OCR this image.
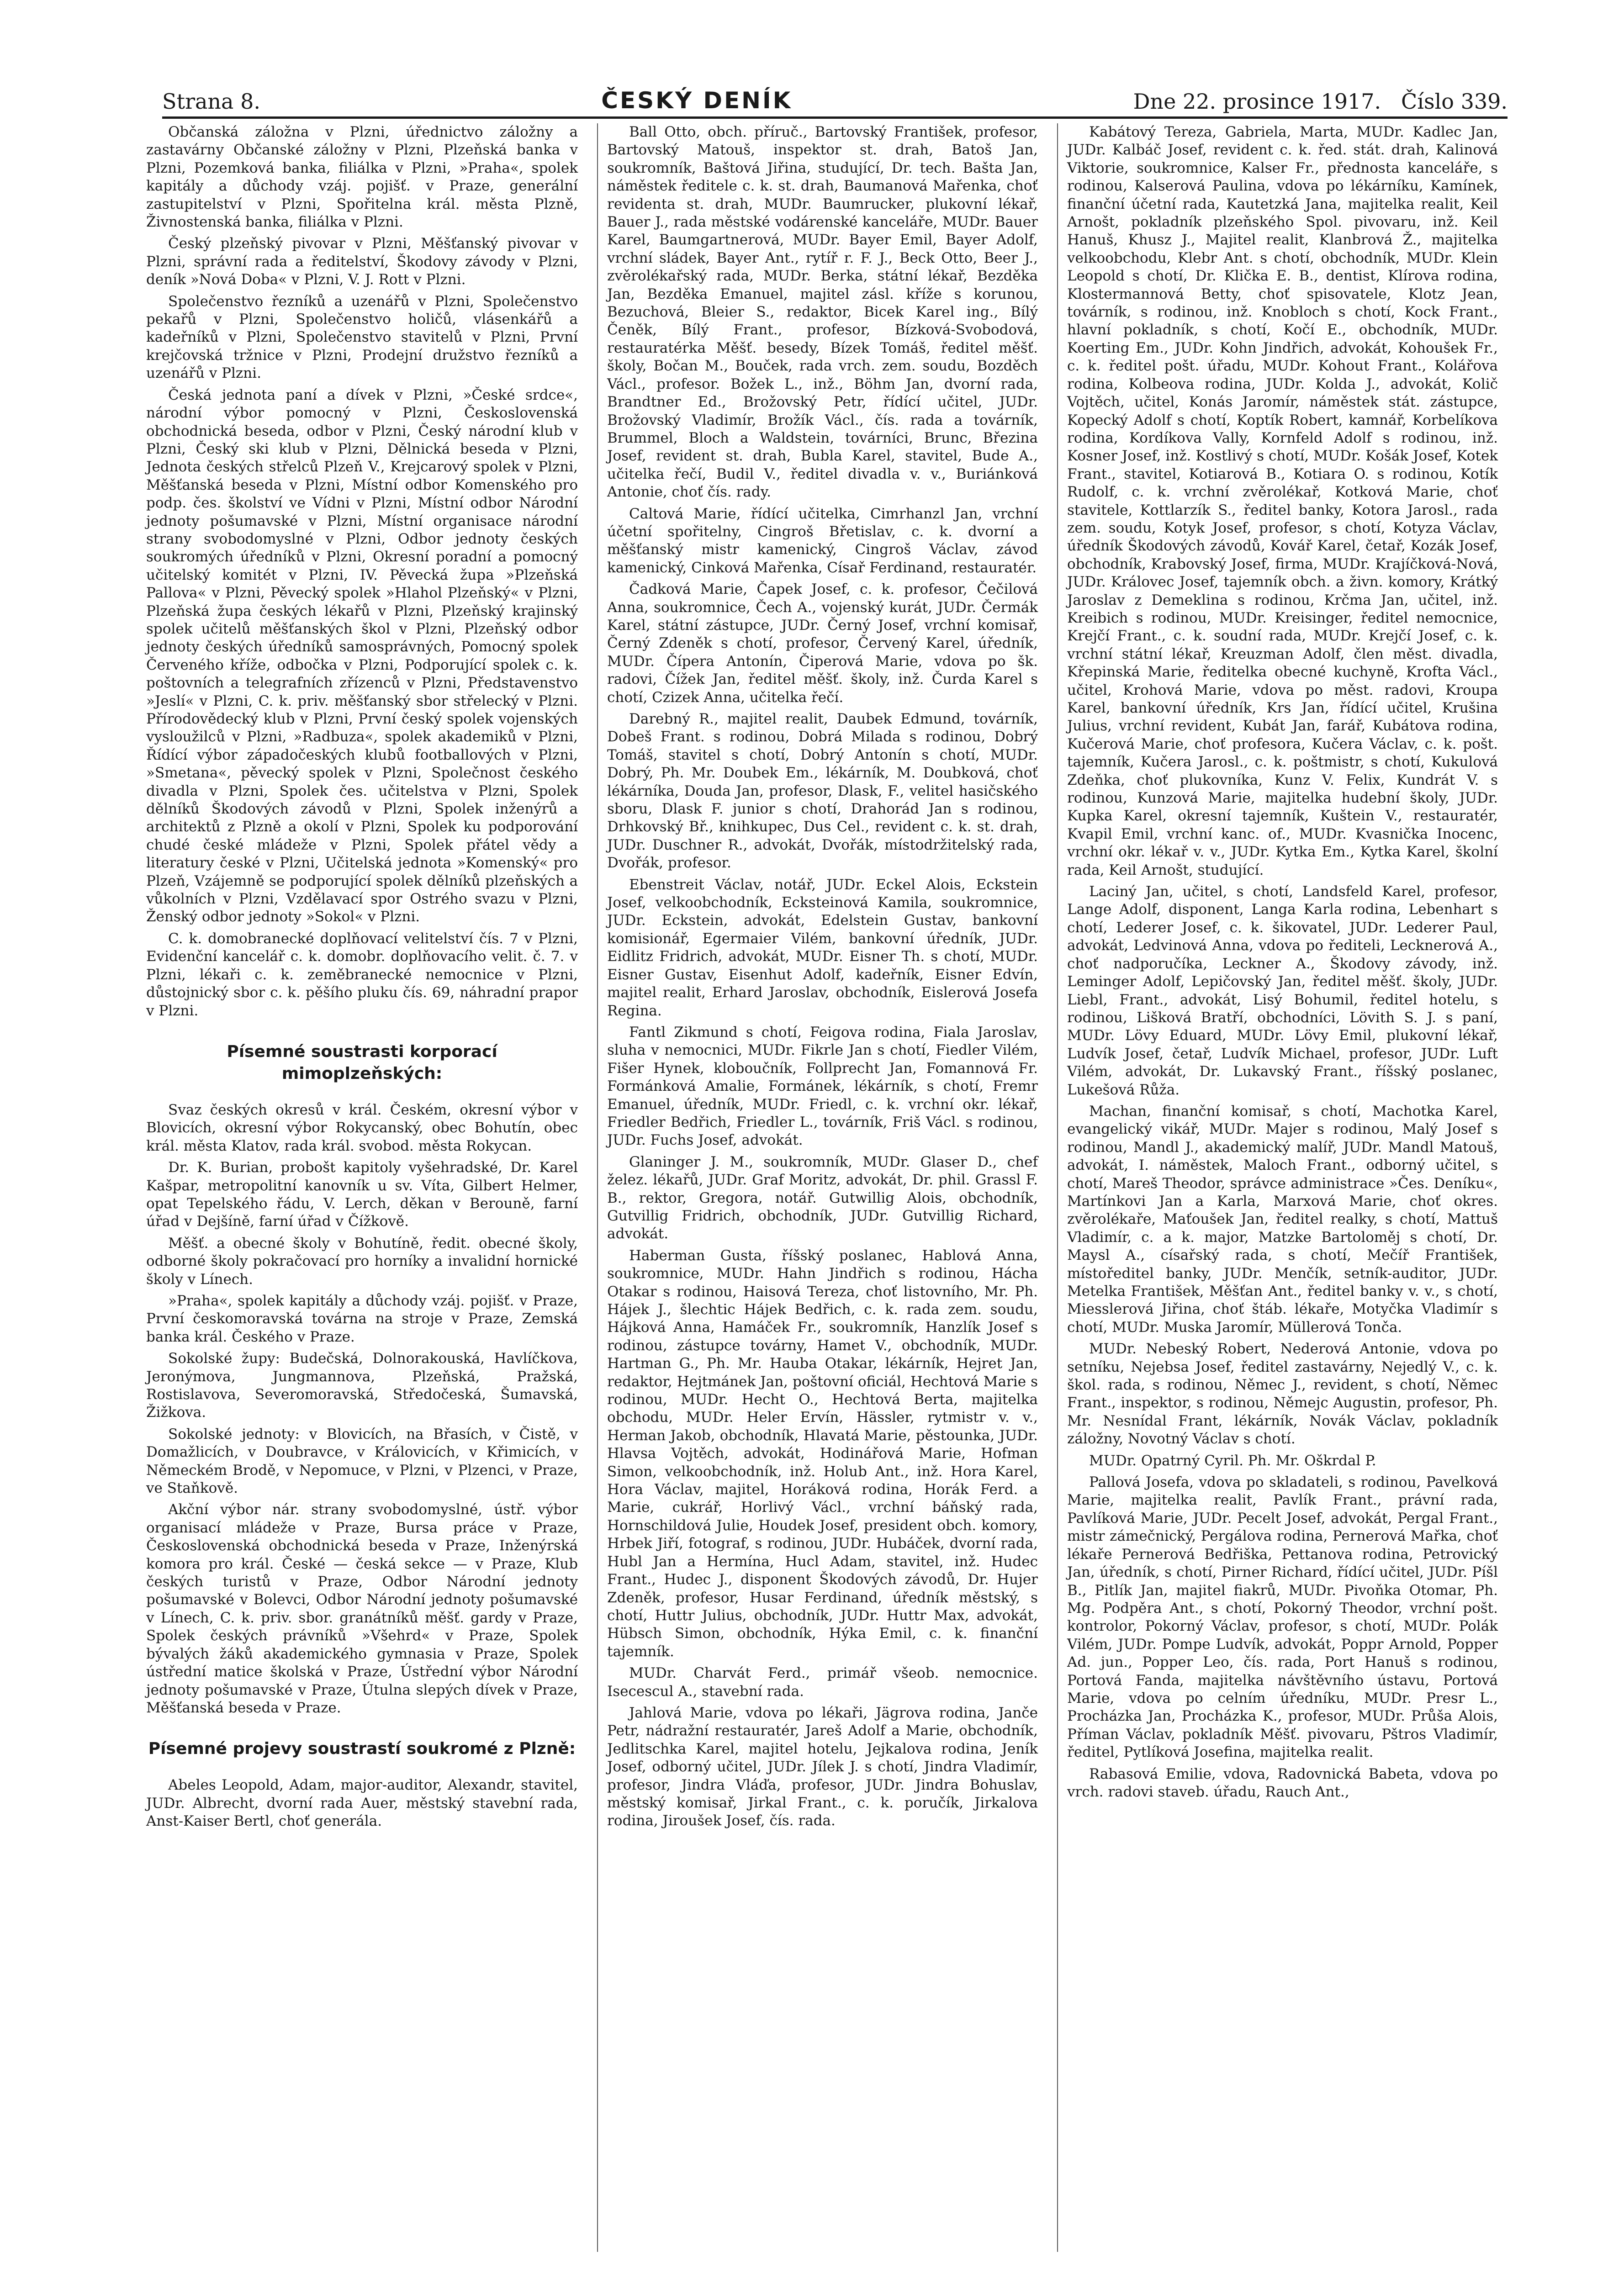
Strana 8.	ČESKÝ DENÍK	Dne 22. prosince 1917. Číslo 339.

Občanská záložna v Plzni, úřednictvo záložny a zastavárny Občanské záložny v Plzni, Plzeňská banka v Plzni, Pozemková banka, filiálka v Plzni, »Praha«, spolek kapitály a důchody vzáj. pojišť. v Praze, generální zastupitelství v Plzni, Spořitelna král. města Plzně, Živnostenská banka, filiálka v Plzni.

Český plzeňský pivovar v Plzni, Měšťanský pivovar v Plzni, správní rada a ředitelství, Škodovy závody v Plzni, deník »Nová Doba« v Plzni, V. J. Rott v Plzni.

Společenstvo řezníků a uzenářů v Plzni, Společenstvo pekařů v Plzni, Společenstvo holičů, vlásenkářů a kadeřníků v Plzni, Společenstvo stavitelů v Plzni, První krejčovská tržnice v Plzni, Prodejní družstvo řezníků a uzenářů v Plzni.

Česká jednota paní a dívek v Plzni, »České srdce«, národní výbor pomocný v Plzni, Československá obchodnická beseda, odbor v Plzni, Český národní klub v Plzni, Český ski klub v Plzni, Dělnická beseda v Plzni, Jednota českých střelců Plzeň V., Krejcarový spolek v Plzni, Měšťanská beseda v Plzni, Místní odbor Komenského pro podp. čes. školství ve Vídni v Plzni, Místní odbor Národní jednoty pošumavské v Plzni, Místní organisace národní strany svobodomyslné v Plzni, Odbor jednoty českých soukromých úředníků v Plzni, Okresní poradní a pomocný učitelský komitét v Plzni, IV. Pěvecká župa »Plzeňská Pallova« v Plzni, Pěvecký spolek »Hlahol Plzeňský« v Plzni, Plzeňská župa českých lékařů v Plzni, Plzeňský krajinský spolek učitelů měšťanských škol v Plzni, Plzeňský odbor jednoty českých úředníků samosprávných, Pomocný spolek Červeného kříže, odbočka v Plzni, Podporující spolek c. k. poštovních a telegrafních zřízenců v Plzni, Představenstvo »Jeslí« v Plzni, C. k. priv. měšťanský sbor střelecký v Plzni. Přírodovědecký klub v Plzni, První český spolek vojenských vysloužilců v Plzni, »Radbuza«, spolek akademiků v Plzni, Řídící výbor západočeských klubů footballových v Plzni, »Smetana«, pěvecký spolek v Plzni, Společnost českého divadla v Plzni, Spolek čes. učitelstva v Plzni, Spolek dělníků Škodových závodů v Plzni, Spolek inženýrů a architektů z Plzně a okolí v Plzni, Spolek ku podporování chudé české mládeže v Plzni, Spolek přátel vědy a literatury české v Plzni, Učitelská jednota »Komenský« pro Plzeň, Vzájemně se podporující spolek dělníků plzeňských a vůkolních v Plzni, Vzdělavací spor Ostrého svazu v Plzni, Ženský odbor jednoty »Sokol« v Plzni.

C. k. domobranecké doplňovací velitelství čís. 7 v Plzni, Evidenční kancelář c. k. domobr. doplňovacího velit. č. 7. v Plzni, lékaři c. k. zeměbranecké nemocnice v Plzni, důstojnický sbor c. k. pěšího pluku čís. 69, náhradní prapor v Plzni.

Písemné soustrasti korporací mimoplzeňských:

Svaz českých okresů v král. Českém, okresní výbor v Blovicích, okresní výbor Rokycanský, obec Bohutín, obec král. města Klatov, rada král. svobod. města Rokycan.

Dr. K. Burian, probošt kapitoly vyšehradské, Dr. Karel Kašpar, metropolitní kanovník u sv. Víta, Gilbert Helmer, opat Tepelského řádu, V. Lerch, děkan v Berouně, farní úřad v Dejšíně, farní úřad v Čížkově.

Měšť. a obecné školy v Bohutíně, ředit. obecné školy, odborné školy pokračovací pro horníky a invalidní hornické školy v Línech.

»Praha«, spolek kapitály a důchody vzáj. pojišť. v Praze, První českomoravská továrna na stroje v Praze, Zemská banka král. Českého v Praze.

Sokolské župy: Budečská, Dolnorakouská, Havlíčkova, Jeronýmova, Jungmannova, Plzeňská, Pražská, Rostislavova, Severomoravská, Středočeská, Šumavská, Žižkova.

Sokolské jednoty: v Blovicích, na Břasích, v Čistě, v Domažlicích, v Doubravce, v Královicích, v Křimicích, v Německém Brodě, v Nepomuce, v Plzni, v Plzenci, v Praze, ve Staňkově.

Akční výbor nár. strany svobodomyslné, ústř. výbor organisací mládeže v Praze, Bursa práce v Praze, Československá obchodnická beseda v Praze, Inženýrská komora pro král. České — česká sekce — v Praze, Klub českých turistů v Praze, Odbor Národní jednoty pošumavské v Bolevci, Odbor Národní jednoty pošumavské v Línech, C. k. priv. sbor. granátníků měšť. gardy v Praze, Spolek českých právníků »Všehrd« v Praze, Spolek bývalých žáků akademického gymnasia v Praze, Spolek ústřední matice školská v Praze, Ústřední výbor Národní jednoty pošumavské v Praze, Útulna slepých dívek v Praze, Měšťanská beseda v Praze.

Písemné projevy soustrastí soukromé z Plzně:

Abeles Leopold, Adam, major-auditor, Alexandr, stavitel, JUDr. Albrecht, dvorní rada Auer, městský stavební rada, Anst-Kaiser Bertl, choť generála.

Ball Otto, obch. příruč., Bartovský František, profesor, Bartovský Matouš, inspektor st. drah, Batoš Jan, soukromník, Baštová Jiřina, studující, Dr. tech. Bašta Jan, náměstek ředitele c. k. st. drah, Baumanová Mařenka, choť revidenta st. drah, MUDr. Baumrucker, plukovní lékař, Bauer J., rada městské vodárenské kanceláře, MUDr. Bauer Karel, Baumgartnerová, MUDr. Bayer Emil, Bayer Adolf, vrchní sládek, Bayer Ant., rytíř r. F. J., Beck Otto, Beer J., zvěrolékařský rada, MUDr. Berka, státní lékař, Bezděka Jan, Bezděka Emanuel, majitel zásl. kříže s korunou, Bezuchová, Bleier S., redaktor, Bicek Karel ing., Bílý Čeněk, Bílý Frant., profesor, Bízková-Svobodová, restauratérka Měšť. besedy, Bízek Tomáš, ředitel měšť. školy, Bočan M., Bouček, rada vrch. zem. soudu, Bozděch Václ., profesor. Božek L., inž., Böhm Jan, dvorní rada, Brandtner Ed., Brožovský Petr, řídící učitel, JUDr. Brožovský Vladimír, Brožík Václ., čís. rada a továrník, Brummel, Bloch a Waldstein, továrníci, Brunc, Březina Josef, revident st. drah, Bubla Karel, stavitel, Bude A., učitelka řečí, Budil V., ředitel divadla v. v., Buriánková Antonie, choť čís. rady.

Caltová Marie, řídící učitelka, Cimrhanzl Jan, vrchní účetní spořitelny, Cingroš Břetislav, c. k. dvorní a měšťanský mistr kamenický, Cingroš Václav, závod kamenický, Cinková Mařenka, Císař Ferdinand, restauratér.

Čadková Marie, Čapek Josef, c. k. profesor, Čečilová Anna, soukromnice, Čech A., vojenský kurát, JUDr. Čermák Karel, státní zástupce, JUDr. Černý Josef, vrchní komisař, Černý Zdeněk s chotí, profesor, Červený Karel, úředník, MUDr. Čípera Antonín, Čiperová Marie, vdova po šk. radovi, Čížek Jan, ředitel měšť. školy, inž. Čurda Karel s chotí, Czizek Anna, učitelka řečí.

Darebný R., majitel realit, Daubek Edmund, továrník, Dobeš Frant. s rodinou, Dobrá Milada s rodinou, Dobrý Tomáš, stavitel s chotí, Dobrý Antonín s chotí, MUDr. Dobrý, Ph. Mr. Doubek Em., lékárník, M. Doubková, choť lékárníka, Douda Jan, profesor, Dlask, F., velitel hasičského sboru, Dlask F. junior s chotí, Drahorád Jan s rodinou, Drhkovský Bř., knihkupec, Dus Cel., revident c. k. st. drah, JUDr. Duschner R., advokát, Dvořák, místodržitelský rada, Dvořák, profesor.

Ebenstreit Václav, notář, JUDr. Eckel Alois, Eckstein Josef, velkoobchodník, Ecksteinová Kamila, soukromnice, JUDr. Eckstein, advokát, Edelstein Gustav, bankovní komisionář, Egermaier Vilém, bankovní úředník, JUDr. Eidlitz Fridrich, advokát, MUDr. Eisner Th. s chotí, MUDr. Eisner Gustav, Eisenhut Adolf, kadeřník, Eisner Edvín, majitel realit, Erhard Jaroslav, obchodník, Eislerová Josefa Regina.

Fantl Zikmund s chotí, Feigova rodina, Fiala Jaroslav, sluha v nemocnici, MUDr. Fikrle Jan s chotí, Fiedler Vilém, Fišer Hynek, kloboučník, Follprecht Jan, Fomannová Fr. Formánková Amalie, Formánek, lékárník, s chotí, Fremr Emanuel, úředník, MUDr. Friedl, c. k. vrchní okr. lékař, Friedler Bedřich, Friedler L., továrník, Friš Václ. s rodinou, JUDr. Fuchs Josef, advokát.

Glaninger J. M., soukromník, MUDr. Glaser D., chef želez. lékařů, JUDr. Graf Moritz, advokát, Dr. phil. Grassl F. B., rektor, Gregora, notář. Gutwillig Alois, obchodník, Gutvillig Fridrich, obchodník, JUDr. Gutvillig Richard, advokát.

Haberman Gusta, říšský poslanec, Hablová Anna, soukromnice, MUDr. Hahn Jindřich s rodinou, Hácha Otakar s rodinou, Haisová Tereza, choť listovního, Mr. Ph. Hájek J., šlechtic Hájek Bedřich, c. k. rada zem. soudu, Hájková Anna, Hamáček Fr., soukromník, Hanzlík Josef s rodinou, zástupce továrny, Hamet V., obchodník, MUDr. Hartman G., Ph. Mr. Hauba Otakar, lékárník, Hejret Jan, redaktor, Hejtmánek Jan, poštovní oficiál, Hechtová Marie s rodinou, MUDr. Hecht O., Hechtová Berta, majitelka obchodu, MUDr. Heler Ervín, Hässler, rytmistr v. v., Herman Jakob, obchodník, Hlavatá Marie, pěstounka, JUDr. Hlavsa Vojtěch, advokát, Hodinářová Marie, Hofman Simon, velkoobchodník, inž. Holub Ant., inž. Hora Karel, Hora Václav, majitel, Horáková rodina, Horák Ferd. a Marie, cukrář, Horlivý Václ., vrchní báňský rada, Hornschildová Julie, Houdek Josef, president obch. komory, Hrbek Jiří, fotograf, s rodinou, JUDr. Hubáček, dvorní rada, Hubl Jan a Hermína, Hucl Adam, stavitel, inž. Hudec Frant., Hudec J., disponent Škodových závodů, Dr. Hujer Zdeněk, profesor, Husar Ferdinand, úředník městský, s chotí, Huttr Julius, obchodník, JUDr. Huttr Max, advokát, Hübsch Simon, obchodník, Hýka Emil, c. k. finanční tajemník.

MUDr. Charvát Ferd., primář všeob. nemocnice. Isecescul A., stavební rada.

Jahlová Marie, vdova po lékaři, Jägrova rodina, Janče Petr, nádražní restauratér, Jareš Adolf a Marie, obchodník, Jedlitschka Karel, majitel hotelu, Jejkalova rodina, Jeník Josef, odborný učitel, JUDr. Jílek J. s chotí, Jindra Vladimír, profesor, Jindra Vláďa, profesor, JUDr. Jindra Bohuslav, městský komisař, Jirkal Frant., c. k. poručík, Jirkalova rodina, Jiroušek Josef, čís. rada.

Kabátový Tereza, Gabriela, Marta, MUDr. Kadlec Jan, JUDr. Kalbáč Josef, revident c. k. řed. stát. drah, Kalinová Viktorie, soukromnice, Kalser Fr., přednosta kanceláře, s rodinou, Kalserová Paulina, vdova po lékárníku, Kamínek, finanční účetní rada, Kautetzká Jana, majitelka realit, Keil Arnošt, pokladník plzeňského Spol. pivovaru, inž. Keil Hanuš, Khusz J., Majitel realit, Klanbrová Ž., majitelka velkoobchodu, Klebr Ant. s chotí, obchodník, MUDr. Klein Leopold s chotí, Dr. Klička E. B., dentist, Klírova rodina, Klostermannová Betty, choť spisovatele, Klotz Jean, továrník, s rodinou, inž. Knobloch s chotí, Kock Frant., hlavní pokladník, s chotí, Kočí E., obchodník, MUDr. Koerting Em., JUDr. Kohn Jindřich, advokát, Kohoušek Fr., c. k. ředitel pošt. úřadu, MUDr. Kohout Frant., Kolářova rodina, Kolbeova rodina, JUDr. Kolda J., advokát, Količ Vojtěch, učitel, Konás Jaromír, náměstek stát. zástupce, Kopecký Adolf s chotí, Koptík Robert, kamnář, Korbelíkova rodina, Kordíkova Vally, Kornfeld Adolf s rodinou, inž. Kosner Josef, inž. Kostlivý s chotí, MUDr. Košák Josef, Kotek Frant., stavitel, Kotiarová B., Kotiara O. s rodinou, Kotík Rudolf, c. k. vrchní zvěrolékař, Kotková Marie, choť stavitele, Kottlarzík S., ředitel banky, Kotora Jarosl., rada zem. soudu, Kotyk Josef, profesor, s chotí, Kotyza Václav, úředník Škodových závodů, Kovář Karel, četař, Kozák Josef, obchodník, Krabovský Josef, firma, MUDr. Krajíčková-Nová, JUDr. Královec Josef, tajemník obch. a živn. komory, Krátký Jaroslav z Demeklina s rodinou, Krčma Jan, učitel, inž. Kreibich s rodinou, MUDr. Kreisinger, ředitel nemocnice, Krejčí Frant., c. k. soudní rada, MUDr. Krejčí Josef, c. k. vrchní státní lékař, Kreuzman Adolf, člen měst. divadla, Křepinská Marie, ředitelka obecné kuchyně, Krofta Václ., učitel, Krohová Marie, vdova po měst. radovi, Kroupa Karel, bankovní úředník, Krs Jan, řídící učitel, Krušina Julius, vrchní revident, Kubát Jan, farář, Kubátova rodina, Kučerová Marie, choť profesora, Kučera Václav, c. k. pošt. tajemník, Kučera Jarosl., c. k. poštmistr, s chotí, Kukulová Zdeňka, choť plukovníka, Kunz V. Felix, Kundrát V. s rodinou, Kunzová Marie, majitelka hudební školy, JUDr. Kupka Karel, okresní tajemník, Kuštein V., restauratér, Kvapil Emil, vrchní kanc. of., MUDr. Kvasnička Inocenc, vrchní okr. lékař v. v., JUDr. Kytka Em., Kytka Karel, školní rada, Keil Arnošt, studující.

Laciný Jan, učitel, s chotí, Landsfeld Karel, profesor, Lange Adolf, disponent, Langa Karla rodina, Lebenhart s chotí, Lederer Josef, c. k. šikovatel, JUDr. Lederer Paul, advokát, Ledvinová Anna, vdova po řediteli, Lecknerová A., choť nadporučíka, Leckner A., Škodovy závody, inž. Leminger Adolf, Lepičovský Jan, ředitel měšť. školy, JUDr. Liebl, Frant., advokát, Lisý Bohumil, ředitel hotelu, s rodinou, Lišková Bratří, obchodníci, Lövith S. J. s paní, MUDr. Lövy Eduard, MUDr. Lövy Emil, plukovní lékař, Ludvík Josef, četař, Ludvík Michael, profesor, JUDr. Luft Vilém, advokát, Dr. Lukavský Frant., říšský poslanec, Lukešová Růža.

Machan, finanční komisař, s chotí, Machotka Karel, evangelický vikář, MUDr. Majer s rodinou, Malý Josef s rodinou, Mandl J., akademický malíř, JUDr. Mandl Matouš, advokát, I. náměstek, Maloch Frant., odborný učitel, s chotí, Mareš Theodor, správce administrace »Čes. Deníku«, Martínkovi Jan a Karla, Marxová Marie, choť okres. zvěrolékaře, Maťoušek Jan, ředitel realky, s chotí, Mattuš Vladimír, c. a k. major, Matzke Bartoloměj s chotí, Dr. Maysl A., císařský rada, s chotí, Mečíř František, místoředitel banky, JUDr. Menčík, setník-auditor, JUDr. Metelka František, Měšťan Ant., ředitel banky v. v., s chotí, Miesslerová Jiřina, choť štáb. lékaře, Motyčka Vladimír s chotí, MUDr. Muska Jaromír, Müllerová Tonča.

MUDr. Nebeský Robert, Nederová Antonie, vdova po setníku, Nejebsa Josef, ředitel zastavárny, Nejedlý V., c. k. škol. rada, s rodinou, Němec J., revident, s chotí, Němec Frant., inspektor, s rodinou, Němejc Augustin, profesor, Ph. Mr. Nesnídal Frant, lékárník, Novák Václav, pokladník záložny, Novotný Václav s chotí.

MUDr. Opatrný Cyril. Ph. Mr. Oškrdal P.

Pallová Josefa, vdova po skladateli, s rodinou, Pavelková Marie, majitelka realit, Pavlík Frant., právní rada, Pavlíková Marie, JUDr. Pecelt Josef, advokát, Pergal Frant., mistr zámečnický, Pergálova rodina, Pernerová Mařka, choť lékaře Pernerová Bedřiška, Pettanova rodina, Petrovický Jan, úředník, s chotí, Pirner Richard, řídící učitel, JUDr. Píšl B., Pitlík Jan, majitel fiakrů, MUDr. Pivoňka Otomar, Ph. Mg. Podpěra Ant., s chotí, Pokorný Theodor, vrchní pošt. kontrolor, Pokorný Václav, profesor, s chotí, MUDr. Polák Vilém, JUDr. Pompe Ludvík, advokát, Poppr Arnold, Popper Ad. jun., Popper Leo, čís. rada, Port Hanuš s rodinou, Portová Fanda, majitelka návštěvního ústavu, Portová Marie, vdova po celním úředníku, MUDr. Presr L., Procházka Jan, Procházka K., profesor, MUDr. Průša Alois, Příman Václav, pokladník Měšť. pivovaru, Pštros Vladimír, ředitel, Pytlíková Josefina, majitelka realit.

Rabasová Emilie, vdova, Radovnická Babeta, vdova po vrch. radovi staveb. úřadu, Rauch Ant.,
